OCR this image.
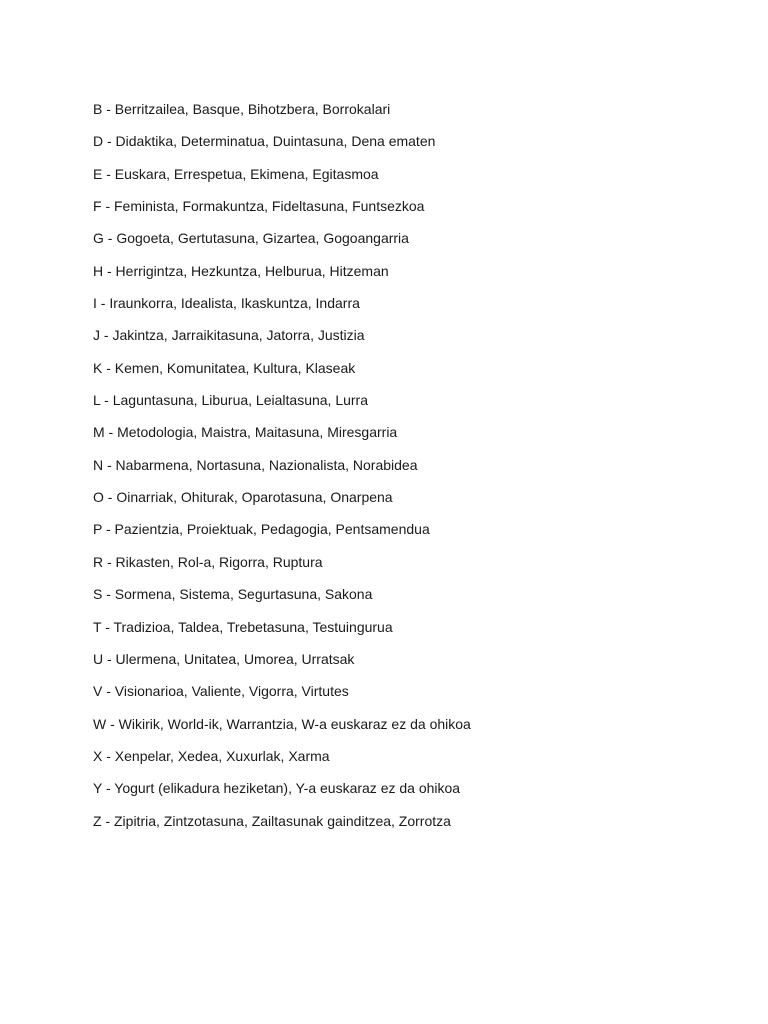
B - Berritzailea, Basque, Bihotzbera, Borrokalari
D - Didaktika, Determinatua, Duintasuna, Dena ematen
E - Euskara, Errespetua, Ekimena, Egitasmoa
F - Feminista, Formakuntza, Fideltasuna, Funtsezkoa
G - Gogoeta, Gertutasuna, Gizartea, Gogoangarria
H - Herrigintza, Hezkuntza, Helburua, Hitzeman
I - Iraunkorra, Idealista, Ikaskuntza, Indarra
J - Jakintza, Jarraikitasuna, Jatorra, Justizia
K - Kemen, Komunitatea, Kultura, Klaseak
L - Laguntasuna, Liburua, Leialtasuna, Lurra
M - Metodologia, Maistra, Maitasuna, Miresgarria
N - Nabarmena, Nortasuna, Nazionalista, Norabidea
O - Oinarriak, Ohiturak, Oparotasuna, Onarpena
P - Pazientzia, Proiektuak, Pedagogia, Pentsamendua
R - Rikasten, Rol-a, Rigorra, Ruptura
S - Sormena, Sistema, Segurtasuna, Sakona
T - Tradizioa, Taldea, Trebetasuna, Testuingurua
U - Ulermena, Unitatea, Umorea, Urratsak
V - Visionarioa, Valiente, Vigorra, Virtutes
W - Wikirik, World-ik, Warrantzia, W-a euskaraz ez da ohikoa
X - Xenpelar, Xedea, Xuxurlak, Xarma
Y - Yogurt (elikadura heziketan), Y-a euskaraz ez da ohikoa
Z - Zipitria, Zintzotasuna, Zailtasunak gainditzea, Zorrotza
